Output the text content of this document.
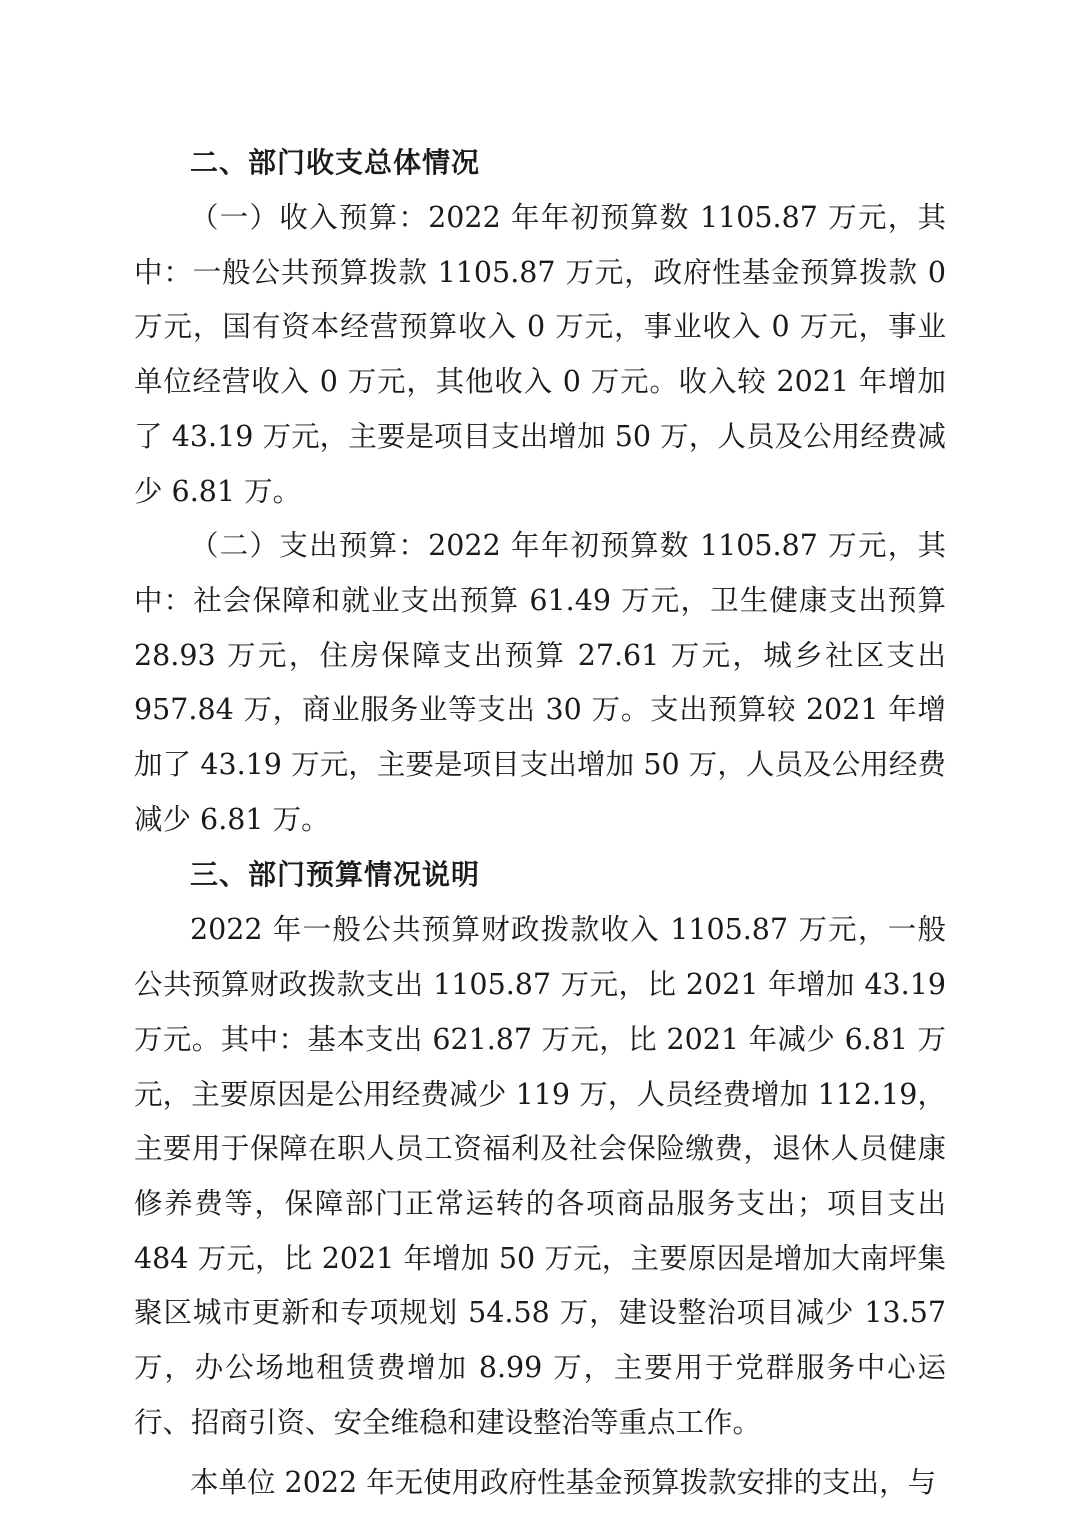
二、部门收支总体情况

（一）收入预算：2022 年年初预算数 1105.87 万元，其中：一般公共预算拨款 1105.87 万元，政府性基金预算拨款 0 万元，国有资本经营预算收入 0 万元，事业收入 0 万元，事业单位经营收入 0 万元，其他收入 0 万元。收入较 2021 年增加了 43.19 万元，主要是项目支出增加 50 万，人员及公用经费减少 6.81 万。

（二）支出预算：2022 年年初预算数 1105.87 万元，其中：社会保障和就业支出预算 61.49 万元，卫生健康支出预算 28.93 万元，住房保障支出预算 27.61 万元，城乡社区支出 957.84 万，商业服务业等支出 30 万。支出预算较 2021 年增加了 43.19 万元，主要是项目支出增加 50 万，人员及公用经费减少 6.81 万。

三、部门预算情况说明

2022 年一般公共预算财政拨款收入 1105.87 万元，一般公共预算财政拨款支出 1105.87 万元，比 2021 年增加 43.19 万元。其中：基本支出 621.87 万元，比 2021 年减少 6.81 万元，主要原因是公用经费减少 119 万，人员经费增加 112.19，主要用于保障在职人员工资福利及社会保险缴费，退休人员健康修养费等，保障部门正常运转的各项商品服务支出；项目支出 484 万元，比 2021 年增加 50 万元，主要原因是增加大南坪集聚区城市更新和专项规划 54.58 万，建设整治项目减少 13.57 万，办公场地租赁费增加 8.99 万，主要用于党群服务中心运行、招商引资、安全维稳和建设整治等重点工作。

本单位 2022 年无使用政府性基金预算拨款安排的支出，与
